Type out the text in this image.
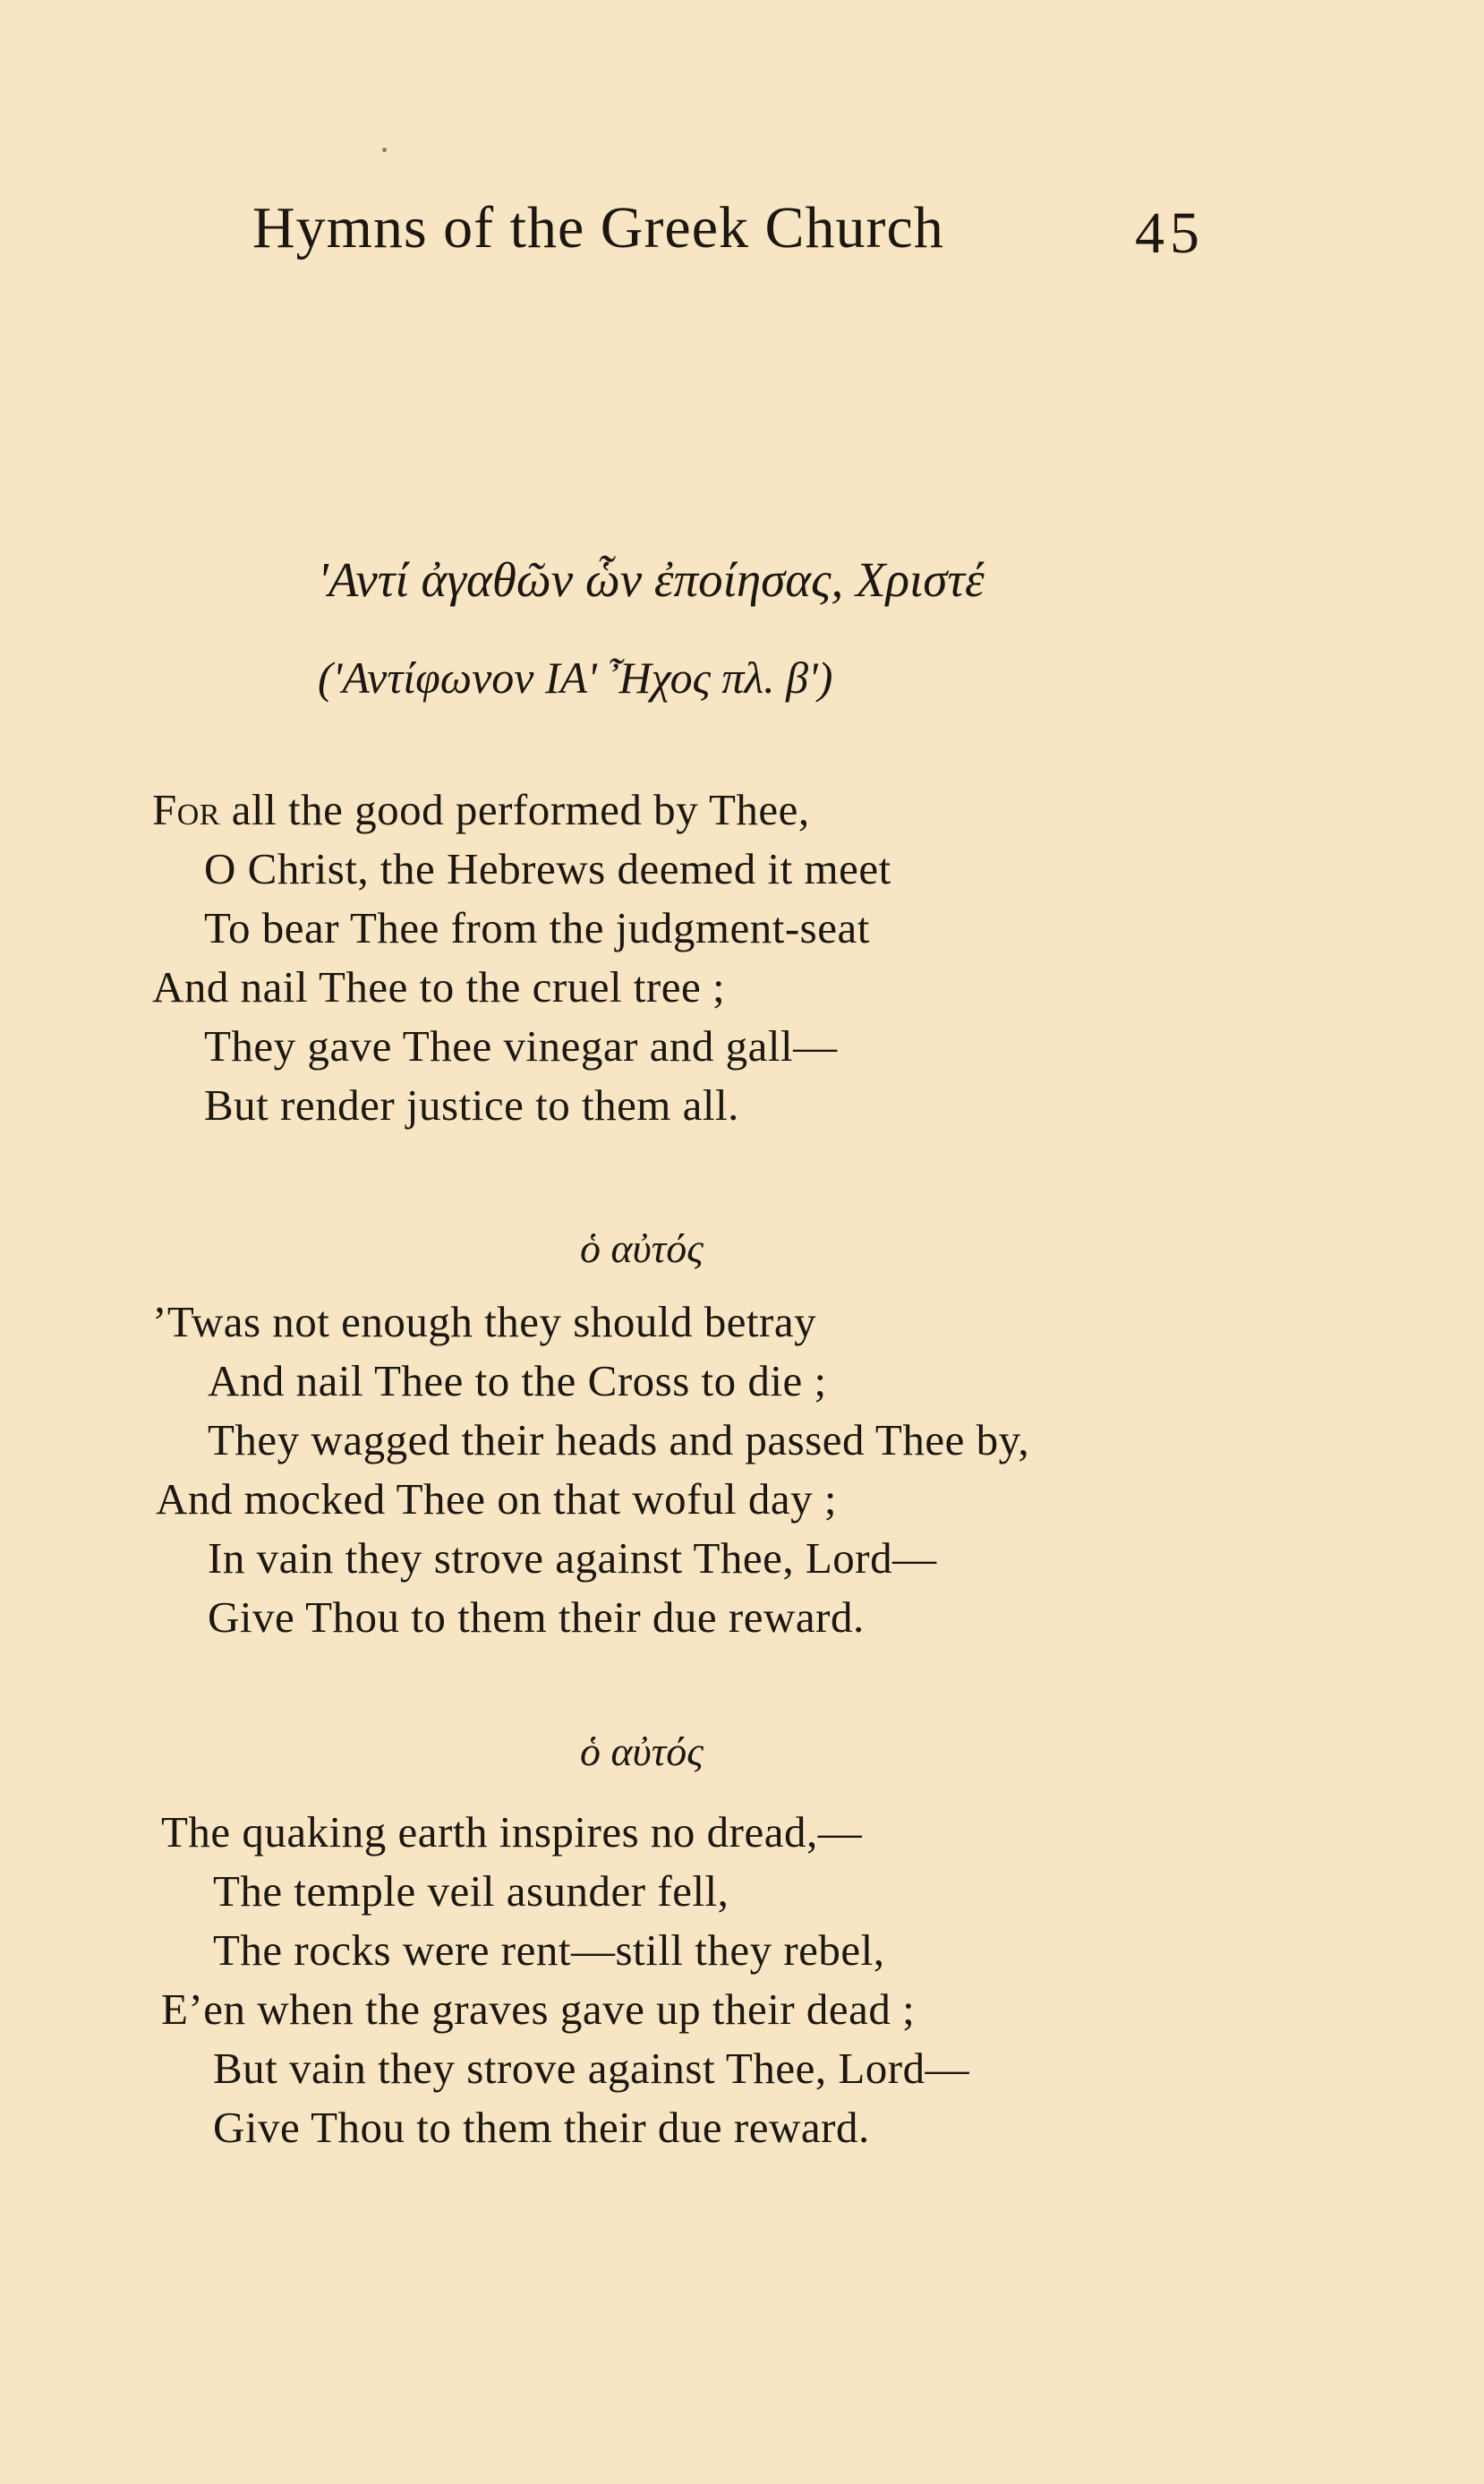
Hymns of the Greek Church	45
'Αντί ἀγαθῶν ὧν ἐποίησας, Χριστέ
('Αντίφωνον ΙΑ' Ἦχος πλ. β')
For all the good performed by Thee,
O Christ, the Hebrews deemed it meet
To bear Thee from the judgment-seat
And nail Thee to the cruel tree ;
They gave Thee vinegar and gall—
But render justice to them all.
ὁ αὐτός
’Twas not enough they should betray
And nail Thee to the Cross to die ;
They wagged their heads and passed Thee by,
And mocked Thee on that woful day ;
In vain they strove against Thee, Lord—
Give Thou to them their due reward.
ὁ αὐτός
The quaking earth inspires no dread,—
The temple veil asunder fell,
The rocks were rent—still they rebel,
E’en when the graves gave up their dead ;
But vain they strove against Thee, Lord—
Give Thou to them their due reward.
